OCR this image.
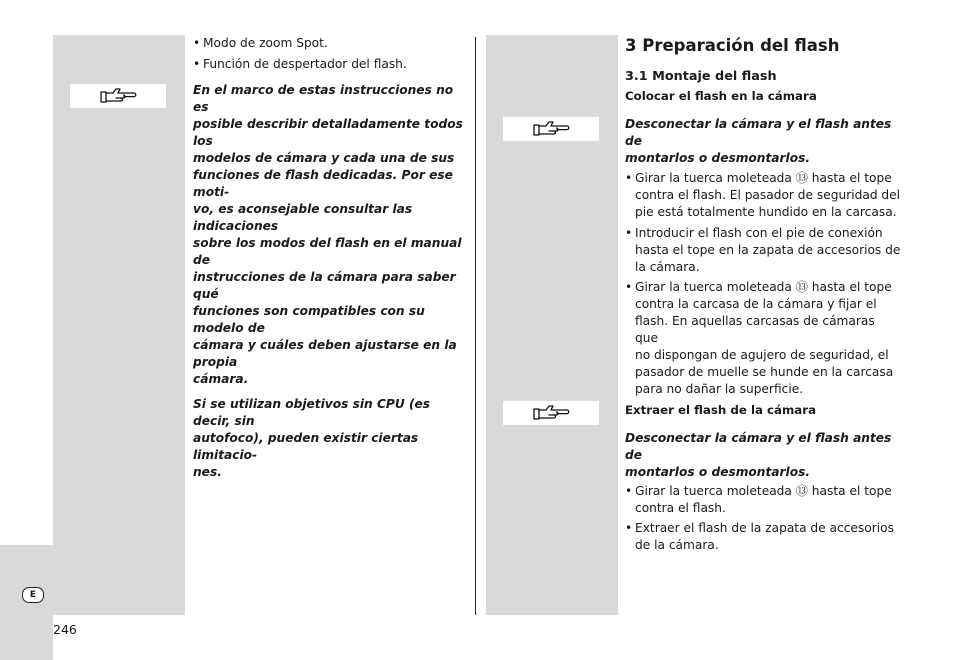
E
246
• Modo de zoom Spot.
• Función de despertador del flash.

En el marco de estas instrucciones no es
posible describir detalladamente todos los
modelos de cámara y cada una de sus
funciones de flash dedicadas. Por ese moti-
vo, es aconsejable consultar las indicaciones
sobre los modos del flash en el manual de
instrucciones de la cámara para saber qué
funciones son compatibles con su modelo de
cámara y cuáles deben ajustarse en la propia
cámara.

Si se utilizan objetivos sin CPU (es decir, sin
autofoco), pueden existir ciertas limitacio-
nes.

3 Preparación del flash
3.1 Montaje del flash
Colocar el flash en la cámara

Desconectar la cámara y el flash antes de
montarlos o desmontarlos.

• Girar la tuerca moleteada ⑬ hasta el tope
contra el flash. El pasador de seguridad del
pie está totalmente hundido en la carcasa.
• Introducir el flash con el pie de conexión
hasta el tope en la zapata de accesorios de
la cámara.
• Girar la tuerca moleteada ⑬ hasta el tope
contra la carcasa de la cámara y fijar el
flash. En aquellas carcasas de cámaras que
no dispongan de agujero de seguridad, el
pasador de muelle se hunde en la carcasa
para no dañar la superficie.
Extraer el flash de la cámara

Desconectar la cámara y el flash antes de
montarlos o desmontarlos.

• Girar la tuerca moleteada ⑬ hasta el tope
contra el flash.
• Extraer el flash de la zapata de accesorios
de la cámara.
